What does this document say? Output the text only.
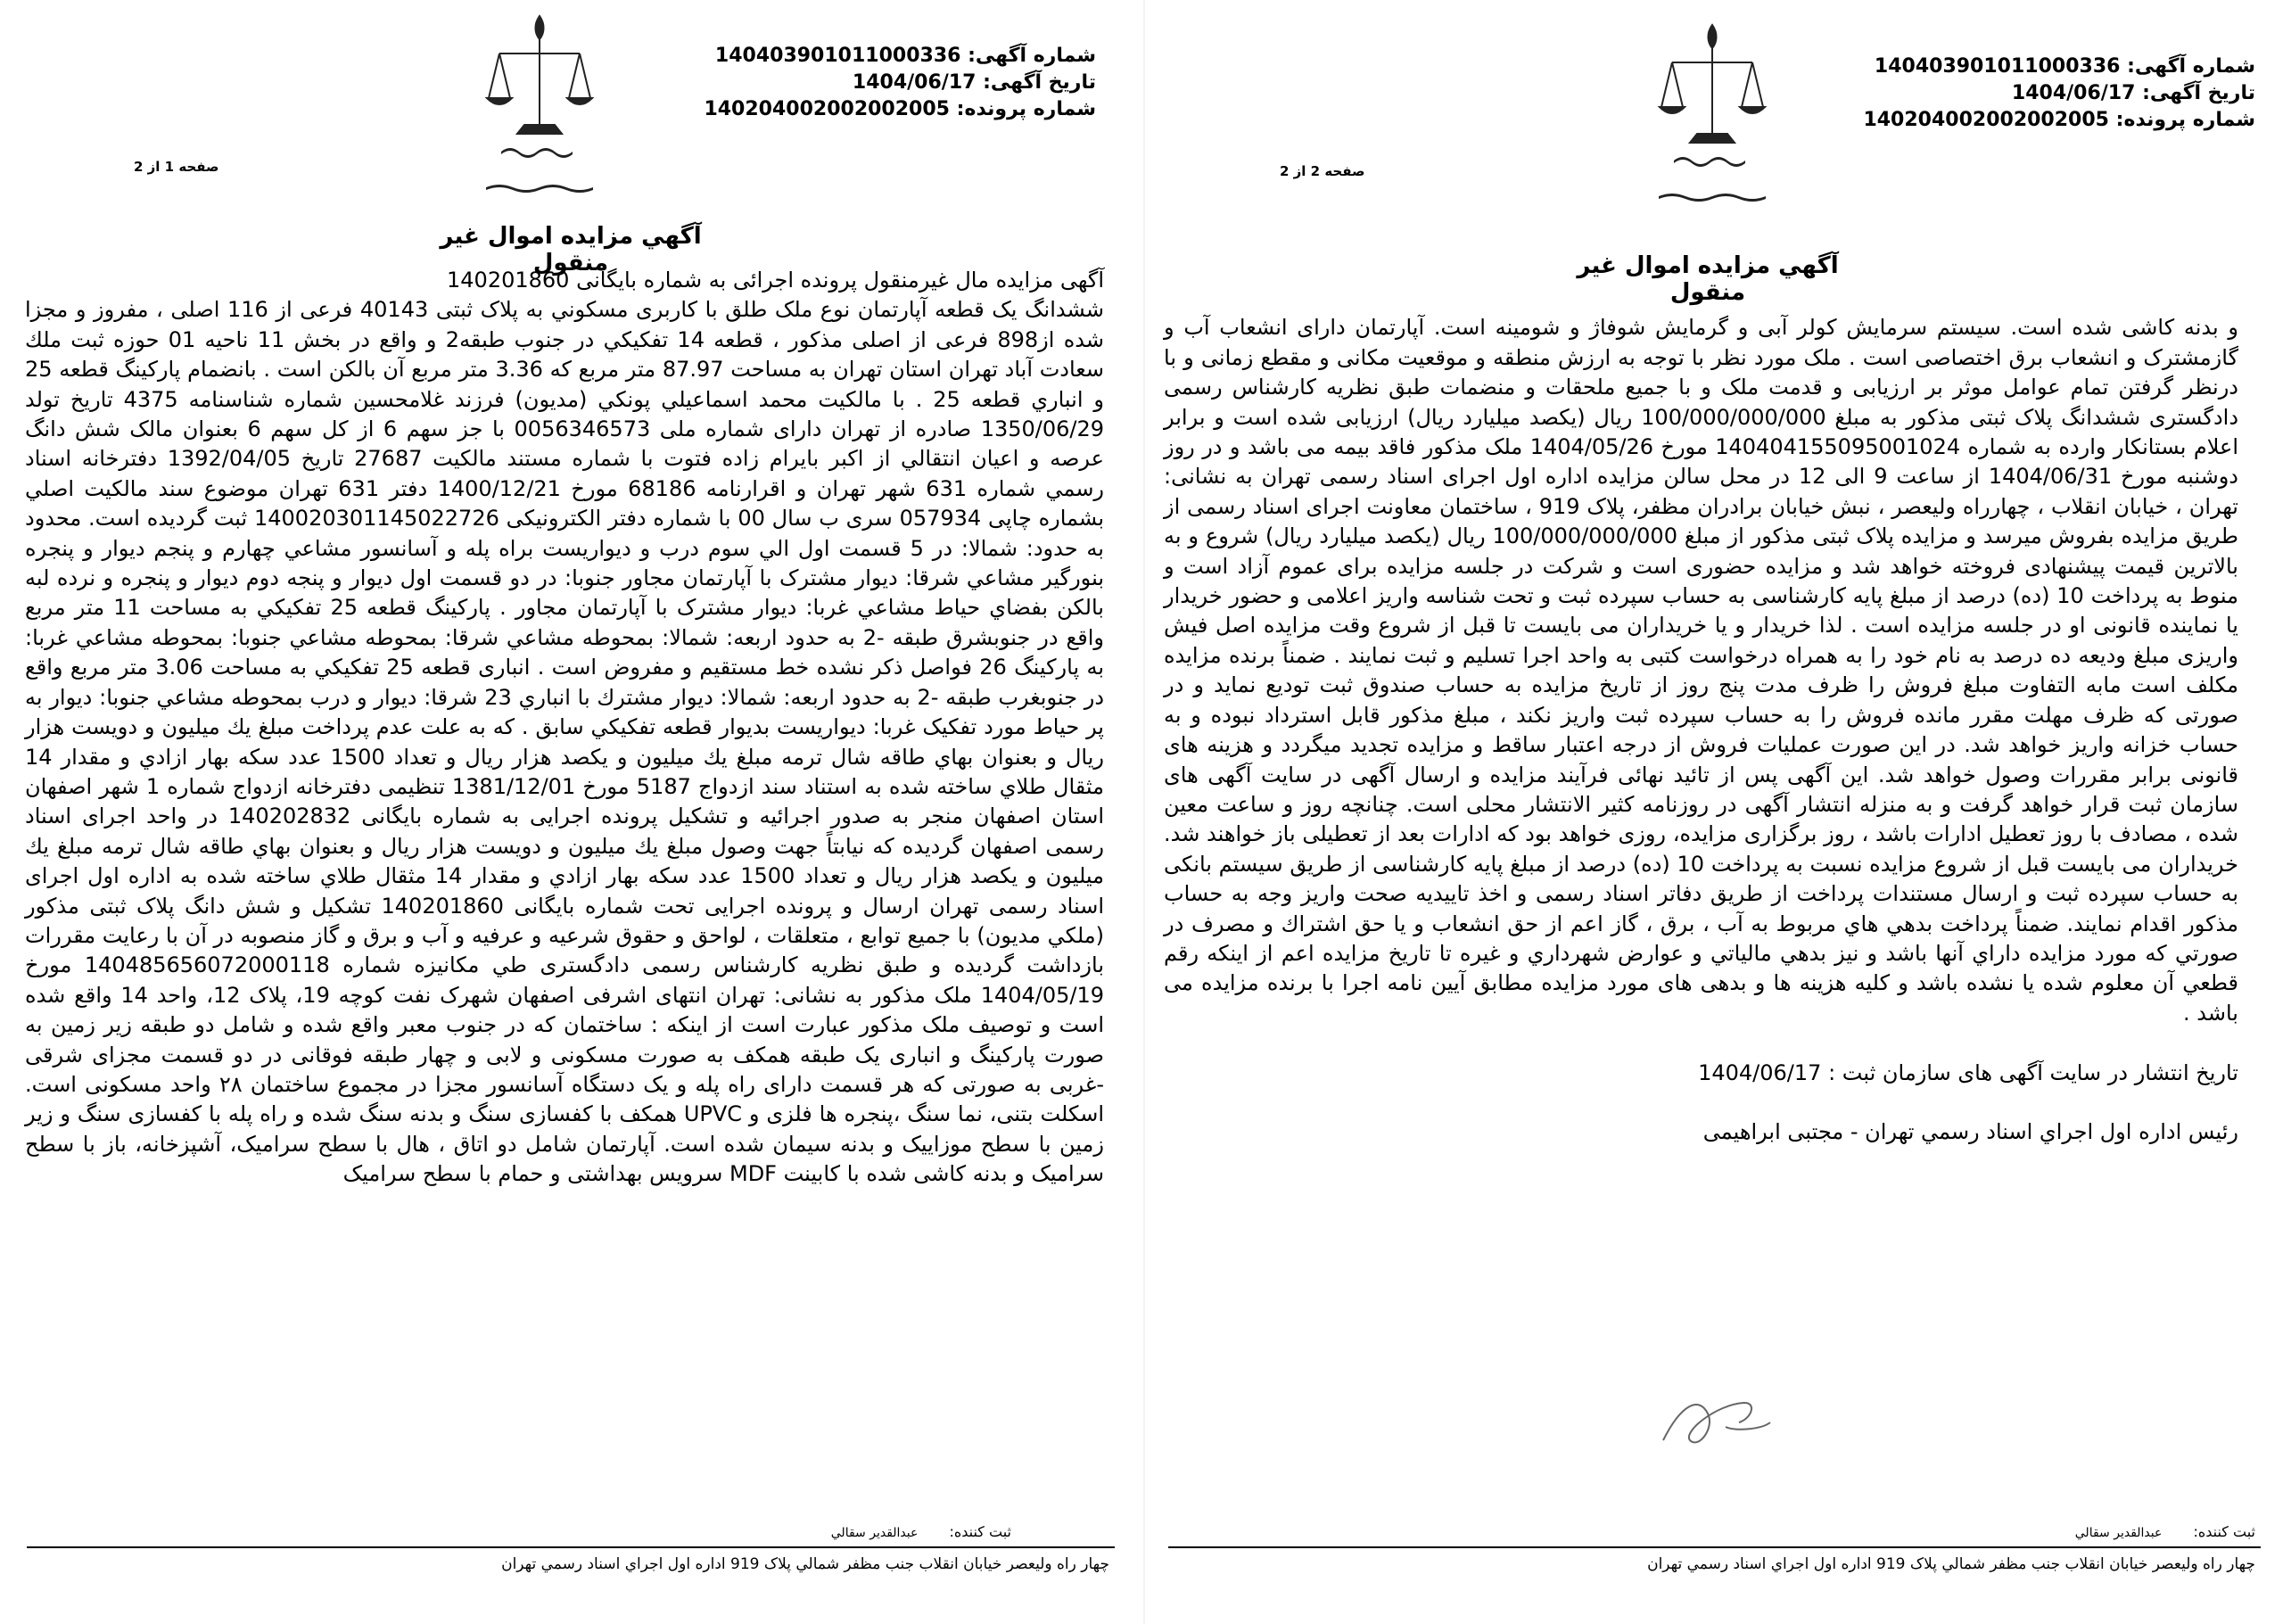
شماره آگهی: 140403901011000336
تاریخ آگهی: 1404/06/17
شماره پرونده: 140204002002002005
صفحه 1 از 2
آگهي مزايده اموال غير منقول
آگهی مزایده مال غیرمنقول پرونده اجرائی به شماره بایگانی 140201860
ششدانگ یک قطعه آپارتمان نوع ملک طلق با کاربری مسكوني به پلاک ثبتی 40143 فرعی از 116 اصلی ، مفروز و مجزا شده از898 فرعی از اصلی مذکور ، قطعه 14 تفکیکي در جنوب طبقه2 و واقع در بخش 11 ناحیه 01 حوزه ثبت ملك سعادت آباد تهران استان تهران به مساحت 87.97 متر مربع که 3.36 متر مربع آن بالکن است . بانضمام پارکینگ قطعه 25 و انباري قطعه 25 . با مالکیت محمد اسماعیلي پونکي (مدیون) فرزند غلامحسین شماره شناسنامه 4375 تاریخ تولد 1350/06/29 صادره از تهران دارای شماره ملی 0056346573 با جز سهم 6 از کل سهم 6 بعنوان مالک شش دانگ عرصه و اعیان انتقالي از اکبر بایرام زاده فتوت با شماره مستند مالکیت 27687 تاریخ 1392/04/05 دفترخانه اسناد رسمي شماره 631 شهر تهران و اقرارنامه 68186 مورخ 1400/12/21 دفتر 631 تهران موضوع سند مالکیت اصلي بشماره چاپی 057934 سری ب سال 00 با شماره دفتر الکترونیکی 140020301145022726 ثبت گردیده است. محدود به حدود: شمالا: در 5 قسمت اول الي سوم درب و دیواریست براه پله و آسانسور مشاعي چهارم و پنجم دیوار و پنجره بنورگیر مشاعي شرقا: دیوار مشترک با آپارتمان مجاور جنوبا: در دو قسمت اول دیوار و پنجه دوم دیوار و پنجره و نرده لبه بالکن بفضاي حیاط مشاعي غربا: دیوار مشترک با آپارتمان مجاور . پارکینگ قطعه 25 تفکیکي به مساحت 11 متر مربع واقع در جنوبشرق طبقه -2 به حدود اربعه: شمالا: بمحوطه مشاعي شرقا: بمحوطه مشاعي جنوبا: بمحوطه مشاعي غربا: به پارکینگ 26 فواصل ذکر نشده خط مستقیم و مفروض است . انباری قطعه 25 تفکیکي به مساحت 3.06 متر مربع واقع در جنوبغرب طبقه -2 به حدود اربعه: شمالا: دیوار مشترك با انباري 23 شرقا: دیوار و درب بمحوطه مشاعي جنوبا: دیوار به پر حیاط مورد تفکیک غربا: دیواریست بدیوار قطعه تفکیکي سابق . که به علت عدم پرداخت مبلغ یك میلیون و دویست هزار ریال و بعنوان بهاي طاقه شال ترمه مبلغ یك میلیون و یکصد هزار ریال و تعداد 1500 عدد سکه بهار ازادي و مقدار 14 مثقال طلاي ساخته شده به استناد سند ازدواج 5187 مورخ 1381/12/01 تنظیمی دفترخانه ازدواج شماره 1 شهر اصفهان استان اصفهان منجر به صدور اجرائیه و تشکیل پرونده اجرایی به شماره بایگانی 140202832 در واحد اجرای اسناد رسمی اصفهان گردیده که نیابتاً جهت وصول مبلغ یك میلیون و دویست هزار ریال و بعنوان بهاي طاقه شال ترمه مبلغ یك میلیون و یکصد هزار ریال و تعداد 1500 عدد سکه بهار ازادي و مقدار 14 مثقال طلاي ساخته شده به اداره اول اجرای اسناد رسمی تهران ارسال و پرونده اجرایی تحت شماره بایگانی 140201860 تشکیل و شش دانگ پلاک ثبتی مذکور (ملکي مدیون) با جمیع توابع ، متعلقات ، لواحق و حقوق شرعیه و عرفیه و آب و برق و گاز منصوبه در آن با رعایت مقررات بازداشت گردیده و طبق نظریه کارشناس رسمی دادگستری طي مکانیزه شماره 140485656072000118 مورخ 1404/05/19 ملک مذکور به نشانی: تهران انتهای اشرفی اصفهان شهرک نفت کوچه 19، پلاک 12، واحد 14 واقع شده است و توصیف ملک مذکور عبارت است از اینکه : ساختمان که در جنوب معبر واقع شده و شامل دو طبقه زیر زمین به صورت پارکینگ و انباری یک طبقه همکف به صورت مسکونی و لابی و چهار طبقه فوقانی در دو قسمت مجزای شرقی -غربی به صورتی که هر قسمت دارای راه پله و یک دستگاه آسانسور مجزا در مجموع ساختمان ۲۸ واحد مسکونی است. اسکلت بتنی، نما سنگ ،پنجره ها فلزی و UPVC همکف با کفسازی سنگ و بدنه سنگ شده و راه پله با کفسازی سنگ و زیر زمین با سطح موزاییک و بدنه سیمان شده است. آپارتمان شامل دو اتاق ، هال با سطح سرامیک، آشپزخانه، باز با سطح سرامیک و بدنه کاشی شده با کابینت MDF سرویس بهداشتی و حمام با سطح سرامیک
ثبت کننده: عبدالقدیر سقالي
چهار راه وليعصر خيابان انقلاب جنب مظفر شمالي پلاک 919 اداره اول اجراي اسناد رسمي تهران
شماره آگهی: 140403901011000336
تاریخ آگهی: 1404/06/17
شماره پرونده: 140204002002002005
صفحه 2 از 2
آگهي مزايده اموال غير منقول

و بدنه کاشی شده است. سیستم سرمایش کولر آبی و گرمایش شوفاژ و شومینه است. آپارتمان دارای انشعاب آب و گازمشترک و انشعاب برق اختصاصی است . ملک مورد نظر با توجه به ارزش منطقه و موقعیت مکانی و مقطع زمانی و با درنظر گرفتن تمام عوامل موثر بر ارزیابی و قدمت ملک و با جمیع ملحقات و منضمات طبق نظریه کارشناس رسمی دادگستری ششدانگ پلاک ثبتی مذکور به مبلغ 100/000/000/000 ریال (یکصد میلیارد ریال) ارزیابی شده است و برابر اعلام بستانکار وارده به شماره 140404155095001024 مورخ 1404/05/26 ملک مذکور فاقد بیمه می باشد و در روز دوشنبه مورخ 1404/06/31 از ساعت 9 الی 12 در محل سالن مزایده اداره اول اجرای اسناد رسمی تهران به نشانی: تهران ، خیابان انقلاب ، چهارراه ولیعصر ، نبش خیابان برادران مظفر، پلاک 919 ، ساختمان معاونت اجرای اسناد رسمی از طریق مزایده بفروش میرسد و مزایده پلاک ثبتی مذکور از مبلغ 100/000/000/000 ریال (یکصد میلیارد ریال) شروع و به بالاترین قیمت پیشنهادی فروخته خواهد شد و مزایده حضوری است و شرکت در جلسه مزایده برای عموم آزاد است و منوط به پرداخت 10 (ده) درصد از مبلغ پایه کارشناسی به حساب سپرده ثبت و تحت شناسه واریز اعلامی و حضور خریدار یا نماینده قانونی او در جلسه مزایده است . لذا خریدار و یا خریداران می بایست تا قبل از شروع وقت مزایده اصل فیش واریزی مبلغ ودیعه ده درصد به نام خود را به همراه درخواست کتبی به واحد اجرا تسلیم و ثبت نمایند . ضمناً برنده مزایده مکلف است مابه التفاوت مبلغ فروش را ظرف مدت پنج روز از تاریخ مزایده به حساب صندوق ثبت تودیع نماید و در صورتی که ظرف مهلت مقرر مانده فروش را به حساب سپرده ثبت واریز نکند ، مبلغ مذکور قابل استرداد نبوده و به حساب خزانه واریز خواهد شد. در این صورت عملیات فروش از درجه اعتبار ساقط و مزایده تجدید میگردد و هزینه های قانونی برابر مقررات وصول خواهد شد. این آگهی پس از تائید نهائی فرآیند مزایده و ارسال آگهی در سایت آگهی های سازمان ثبت قرار خواهد گرفت و به منزله انتشار آگهی در روزنامه کثیر الانتشار محلی است. چنانچه روز و ساعت معین شده ، مصادف با روز تعطیل ادارات باشد ، روز برگزاری مزایده، روزی خواهد بود که ادارات بعد از تعطیلی باز خواهند شد. خریداران می بایست قبل از شروع مزایده نسبت به پرداخت 10 (ده) درصد از مبلغ پایه کارشناسی از طریق سیستم بانکی به حساب سپرده ثبت و ارسال مستندات پرداخت از طریق دفاتر اسناد رسمی و اخذ تاییدیه صحت واریز وجه به حساب مذکور اقدام نمایند. ضمناً پرداخت بدهي هاي مربوط به آب ، برق ، گاز اعم از حق انشعاب و یا حق اشتراك و مصرف در صورتي كه مورد مزایده داراي آنها باشد و نیز بدهي مالیاتي و عوارض شهرداري و غیره تا تاریخ مزایده اعم از اینكه رقم قطعي آن معلوم شده یا نشده باشد و كلیه هزینه ها و بدهی های مورد مزایده مطابق آیین نامه اجرا با برنده مزایده می باشد .

تاریخ انتشار در سایت آگهی های سازمان ثبت : 1404/06/17

رئيس اداره اول اجراي اسناد رسمي تهران - مجتبی ابراهیمی

ثبت کننده: عبدالقدیر سقالي
چهار راه وليعصر خيابان انقلاب جنب مظفر شمالي پلاک 919 اداره اول اجراي اسناد رسمي تهران
